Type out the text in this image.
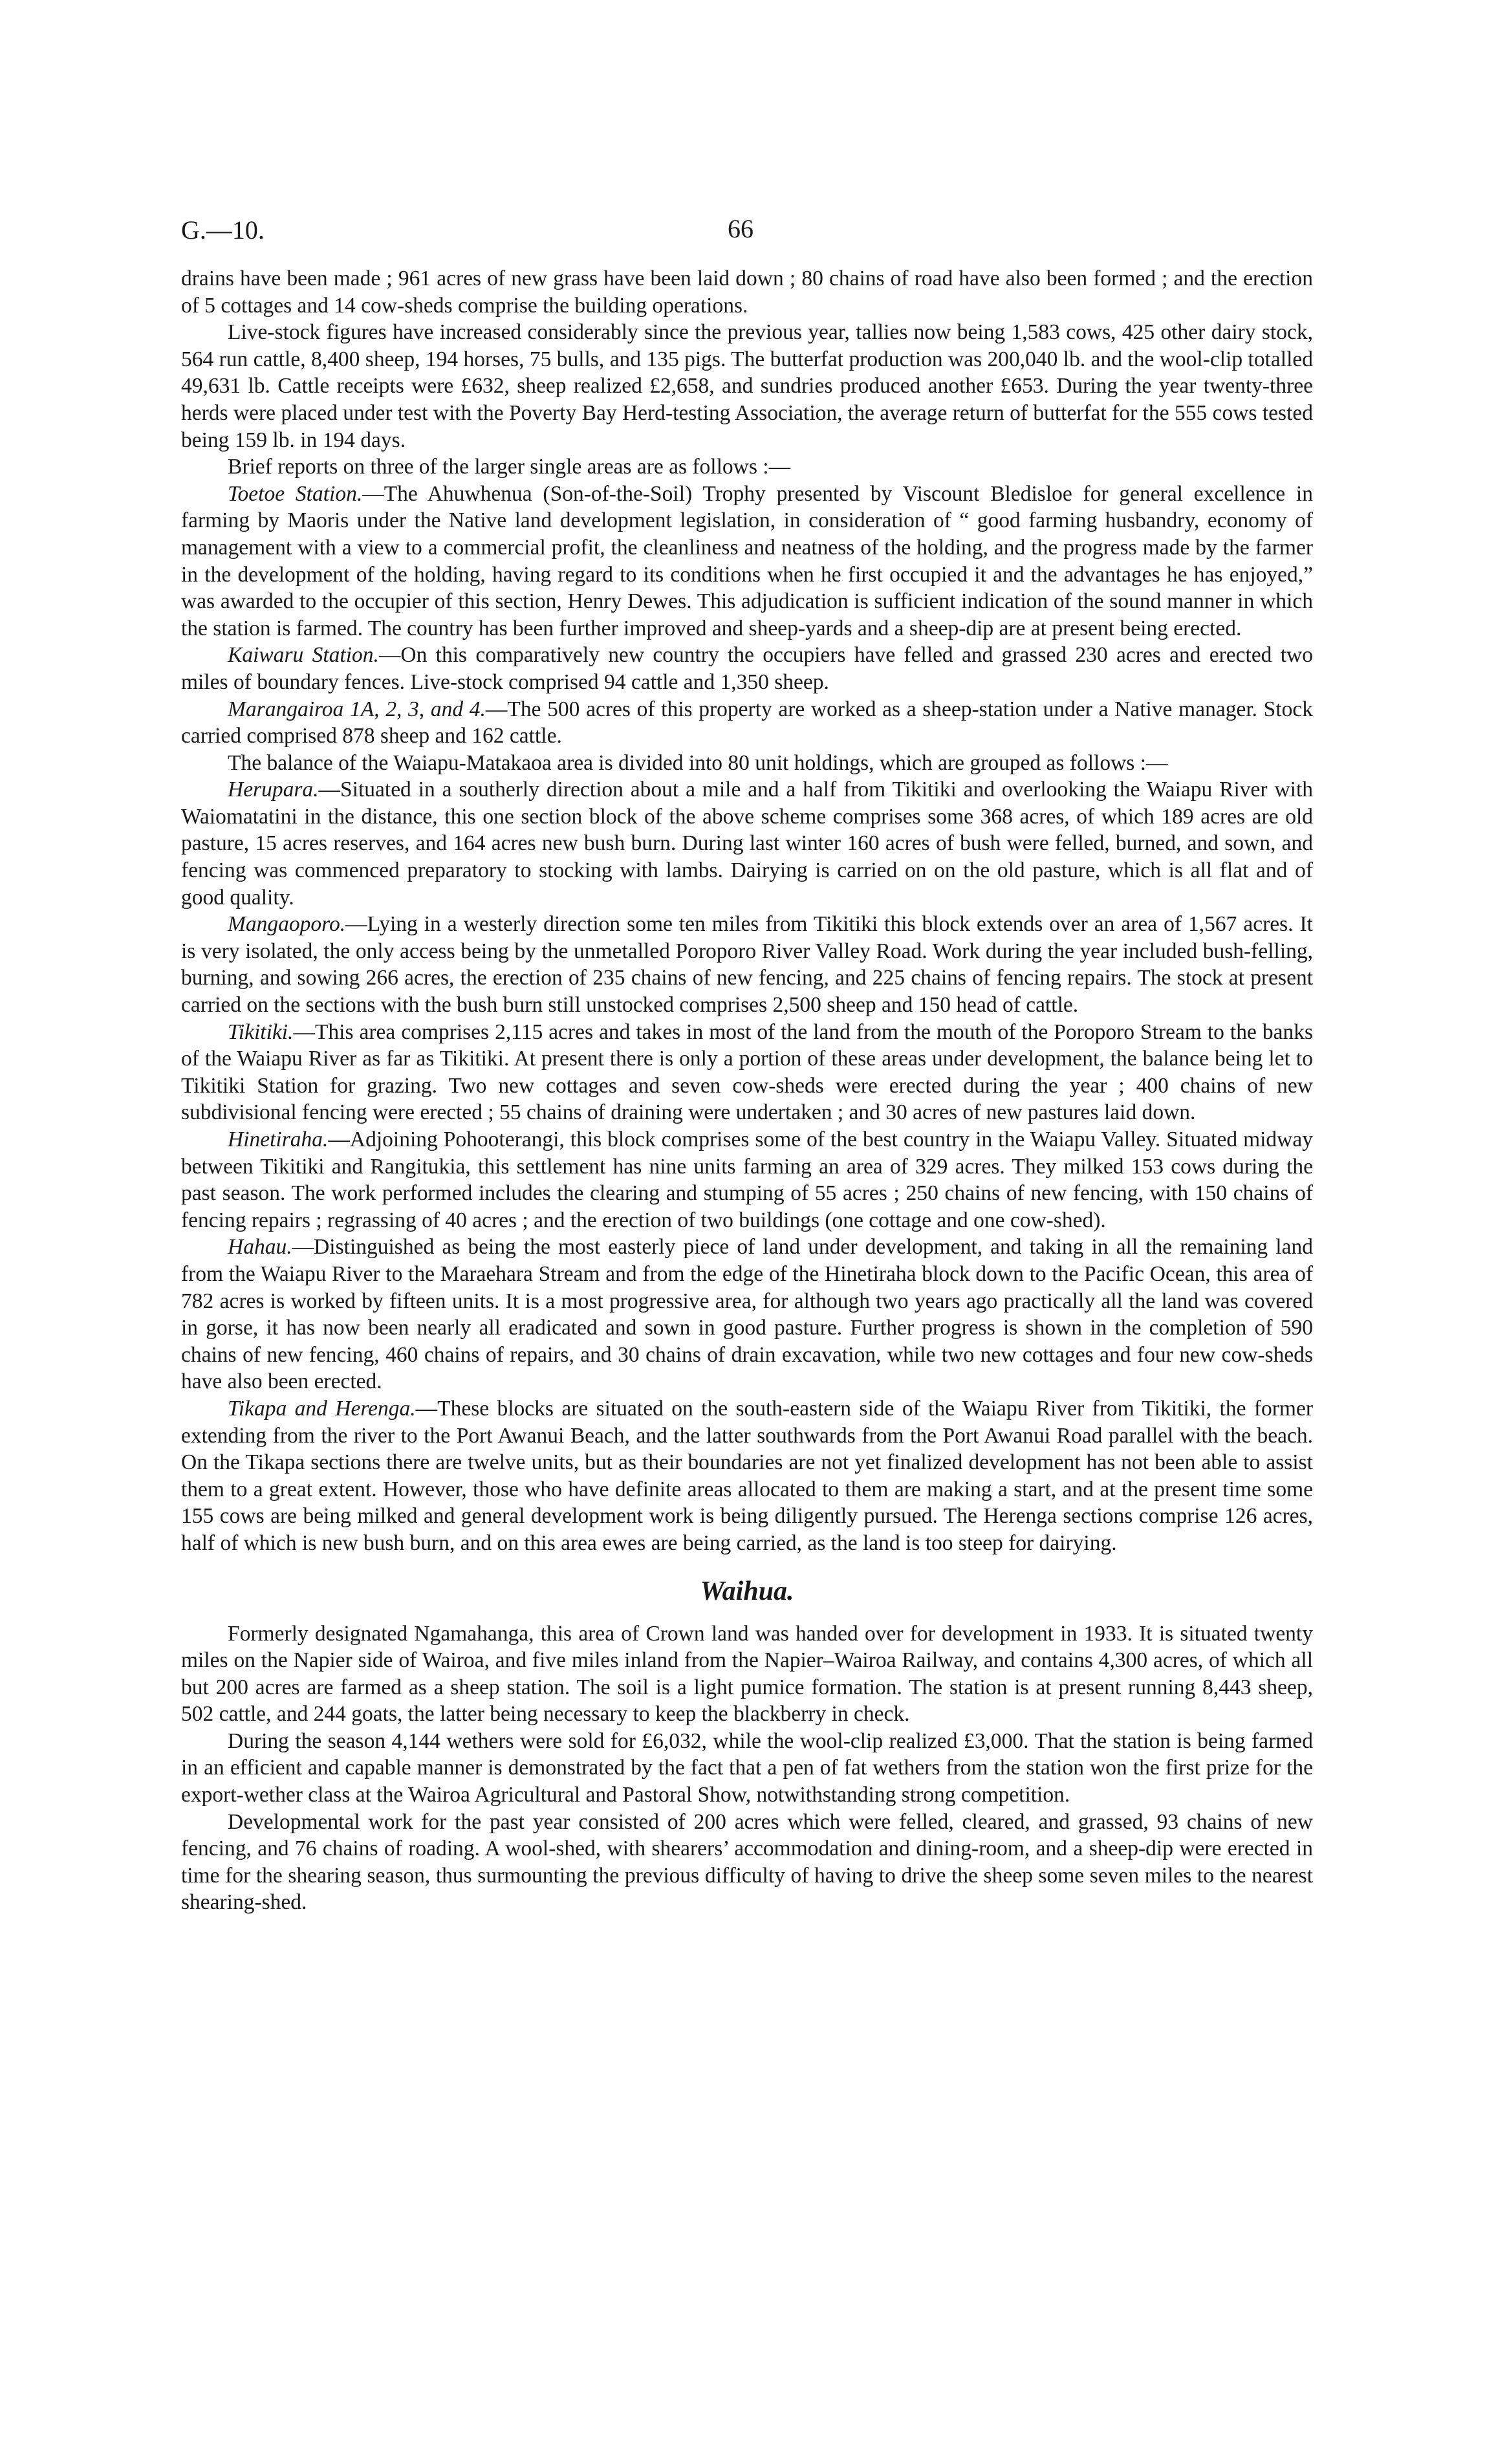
G.—10.	66

drains have been made ; 961 acres of new grass have been laid down ; 80 chains of road have also been formed ; and the erection of 5 cottages and 14 cow-sheds comprise the building operations.

Live-stock figures have increased considerably since the previous year, tallies now being 1,583 cows, 425 other dairy stock, 564 run cattle, 8,400 sheep, 194 horses, 75 bulls, and 135 pigs. The butterfat production was 200,040 lb. and the wool-clip totalled 49,631 lb. Cattle receipts were £632, sheep realized £2,658, and sundries produced another £653. During the year twenty-three herds were placed under test with the Poverty Bay Herd-testing Association, the average return of butterfat for the 555 cows tested being 159 lb. in 194 days.

Brief reports on three of the larger single areas are as follows :—

Toetoe Station.—The Ahuwhenua (Son-of-the-Soil) Trophy presented by Viscount Bledisloe for general excellence in farming by Maoris under the Native land development legislation, in consideration of “ good farming husbandry, economy of management with a view to a commercial profit, the cleanliness and neatness of the holding, and the progress made by the farmer in the development of the holding, having regard to its conditions when he first occupied it and the advantages he has enjoyed,” was awarded to the occupier of this section, Henry Dewes. This adjudication is sufficient indication of the sound manner in which the station is farmed. The country has been further improved and sheep-yards and a sheep-dip are at present being erected.

Kaiwaru Station.—On this comparatively new country the occupiers have felled and grassed 230 acres and erected two miles of boundary fences. Live-stock comprised 94 cattle and 1,350 sheep.

Marangairoa 1A, 2, 3, and 4.—The 500 acres of this property are worked as a sheep-station under a Native manager. Stock carried comprised 878 sheep and 162 cattle.

The balance of the Waiapu-Matakaoa area is divided into 80 unit holdings, which are grouped as follows :—

Herupara.—Situated in a southerly direction about a mile and a half from Tikitiki and overlooking the Waiapu River with Waiomatatini in the distance, this one section block of the above scheme comprises some 368 acres, of which 189 acres are old pasture, 15 acres reserves, and 164 acres new bush burn. During last winter 160 acres of bush were felled, burned, and sown, and fencing was commenced preparatory to stocking with lambs. Dairying is carried on on the old pasture, which is all flat and of good quality.

Mangaoporo.—Lying in a westerly direction some ten miles from Tikitiki this block extends over an area of 1,567 acres. It is very isolated, the only access being by the unmetalled Poroporo River Valley Road. Work during the year included bush-felling, burning, and sowing 266 acres, the erection of 235 chains of new fencing, and 225 chains of fencing repairs. The stock at present carried on the sections with the bush burn still unstocked comprises 2,500 sheep and 150 head of cattle.

Tikitiki.—This area comprises 2,115 acres and takes in most of the land from the mouth of the Poroporo Stream to the banks of the Waiapu River as far as Tikitiki. At present there is only a portion of these areas under development, the balance being let to Tikitiki Station for grazing. Two new cottages and seven cow-sheds were erected during the year ; 400 chains of new subdivisional fencing were erected ; 55 chains of draining were undertaken ; and 30 acres of new pastures laid down.

Hinetiraha.—Adjoining Pohooterangi, this block comprises some of the best country in the Waiapu Valley. Situated midway between Tikitiki and Rangitukia, this settlement has nine units farming an area of 329 acres. They milked 153 cows during the past season. The work performed includes the clearing and stumping of 55 acres ; 250 chains of new fencing, with 150 chains of fencing repairs ; regrassing of 40 acres ; and the erection of two buildings (one cottage and one cow-shed).

Hahau.—Distinguished as being the most easterly piece of land under development, and taking in all the remaining land from the Waiapu River to the Maraehara Stream and from the edge of the Hinetiraha block down to the Pacific Ocean, this area of 782 acres is worked by fifteen units. It is a most progressive area, for although two years ago practically all the land was covered in gorse, it has now been nearly all eradicated and sown in good pasture. Further progress is shown in the completion of 590 chains of new fencing, 460 chains of repairs, and 30 chains of drain excavation, while two new cottages and four new cow-sheds have also been erected.

Tikapa and Herenga.—These blocks are situated on the south-eastern side of the Waiapu River from Tikitiki, the former extending from the river to the Port Awanui Beach, and the latter southwards from the Port Awanui Road parallel with the beach. On the Tikapa sections there are twelve units, but as their boundaries are not yet finalized development has not been able to assist them to a great extent. However, those who have definite areas allocated to them are making a start, and at the present time some 155 cows are being milked and general development work is being diligently pursued. The Herenga sections comprise 126 acres, half of which is new bush burn, and on this area ewes are being carried, as the land is too steep for dairying.

Waihua.

Formerly designated Ngamahanga, this area of Crown land was handed over for development in 1933. It is situated twenty miles on the Napier side of Wairoa, and five miles inland from the Napier–Wairoa Railway, and contains 4,300 acres, of which all but 200 acres are farmed as a sheep station. The soil is a light pumice formation. The station is at present running 8,443 sheep, 502 cattle, and 244 goats, the latter being necessary to keep the blackberry in check.

During the season 4,144 wethers were sold for £6,032, while the wool-clip realized £3,000. That the station is being farmed in an efficient and capable manner is demonstrated by the fact that a pen of fat wethers from the station won the first prize for the export-wether class at the Wairoa Agricultural and Pastoral Show, notwithstanding strong competition.

Developmental work for the past year consisted of 200 acres which were felled, cleared, and grassed, 93 chains of new fencing, and 76 chains of roading. A wool-shed, with shearers’ accommodation and dining-room, and a sheep-dip were erected in time for the shearing season, thus surmounting the previous difficulty of having to drive the sheep some seven miles to the nearest shearing-shed.
